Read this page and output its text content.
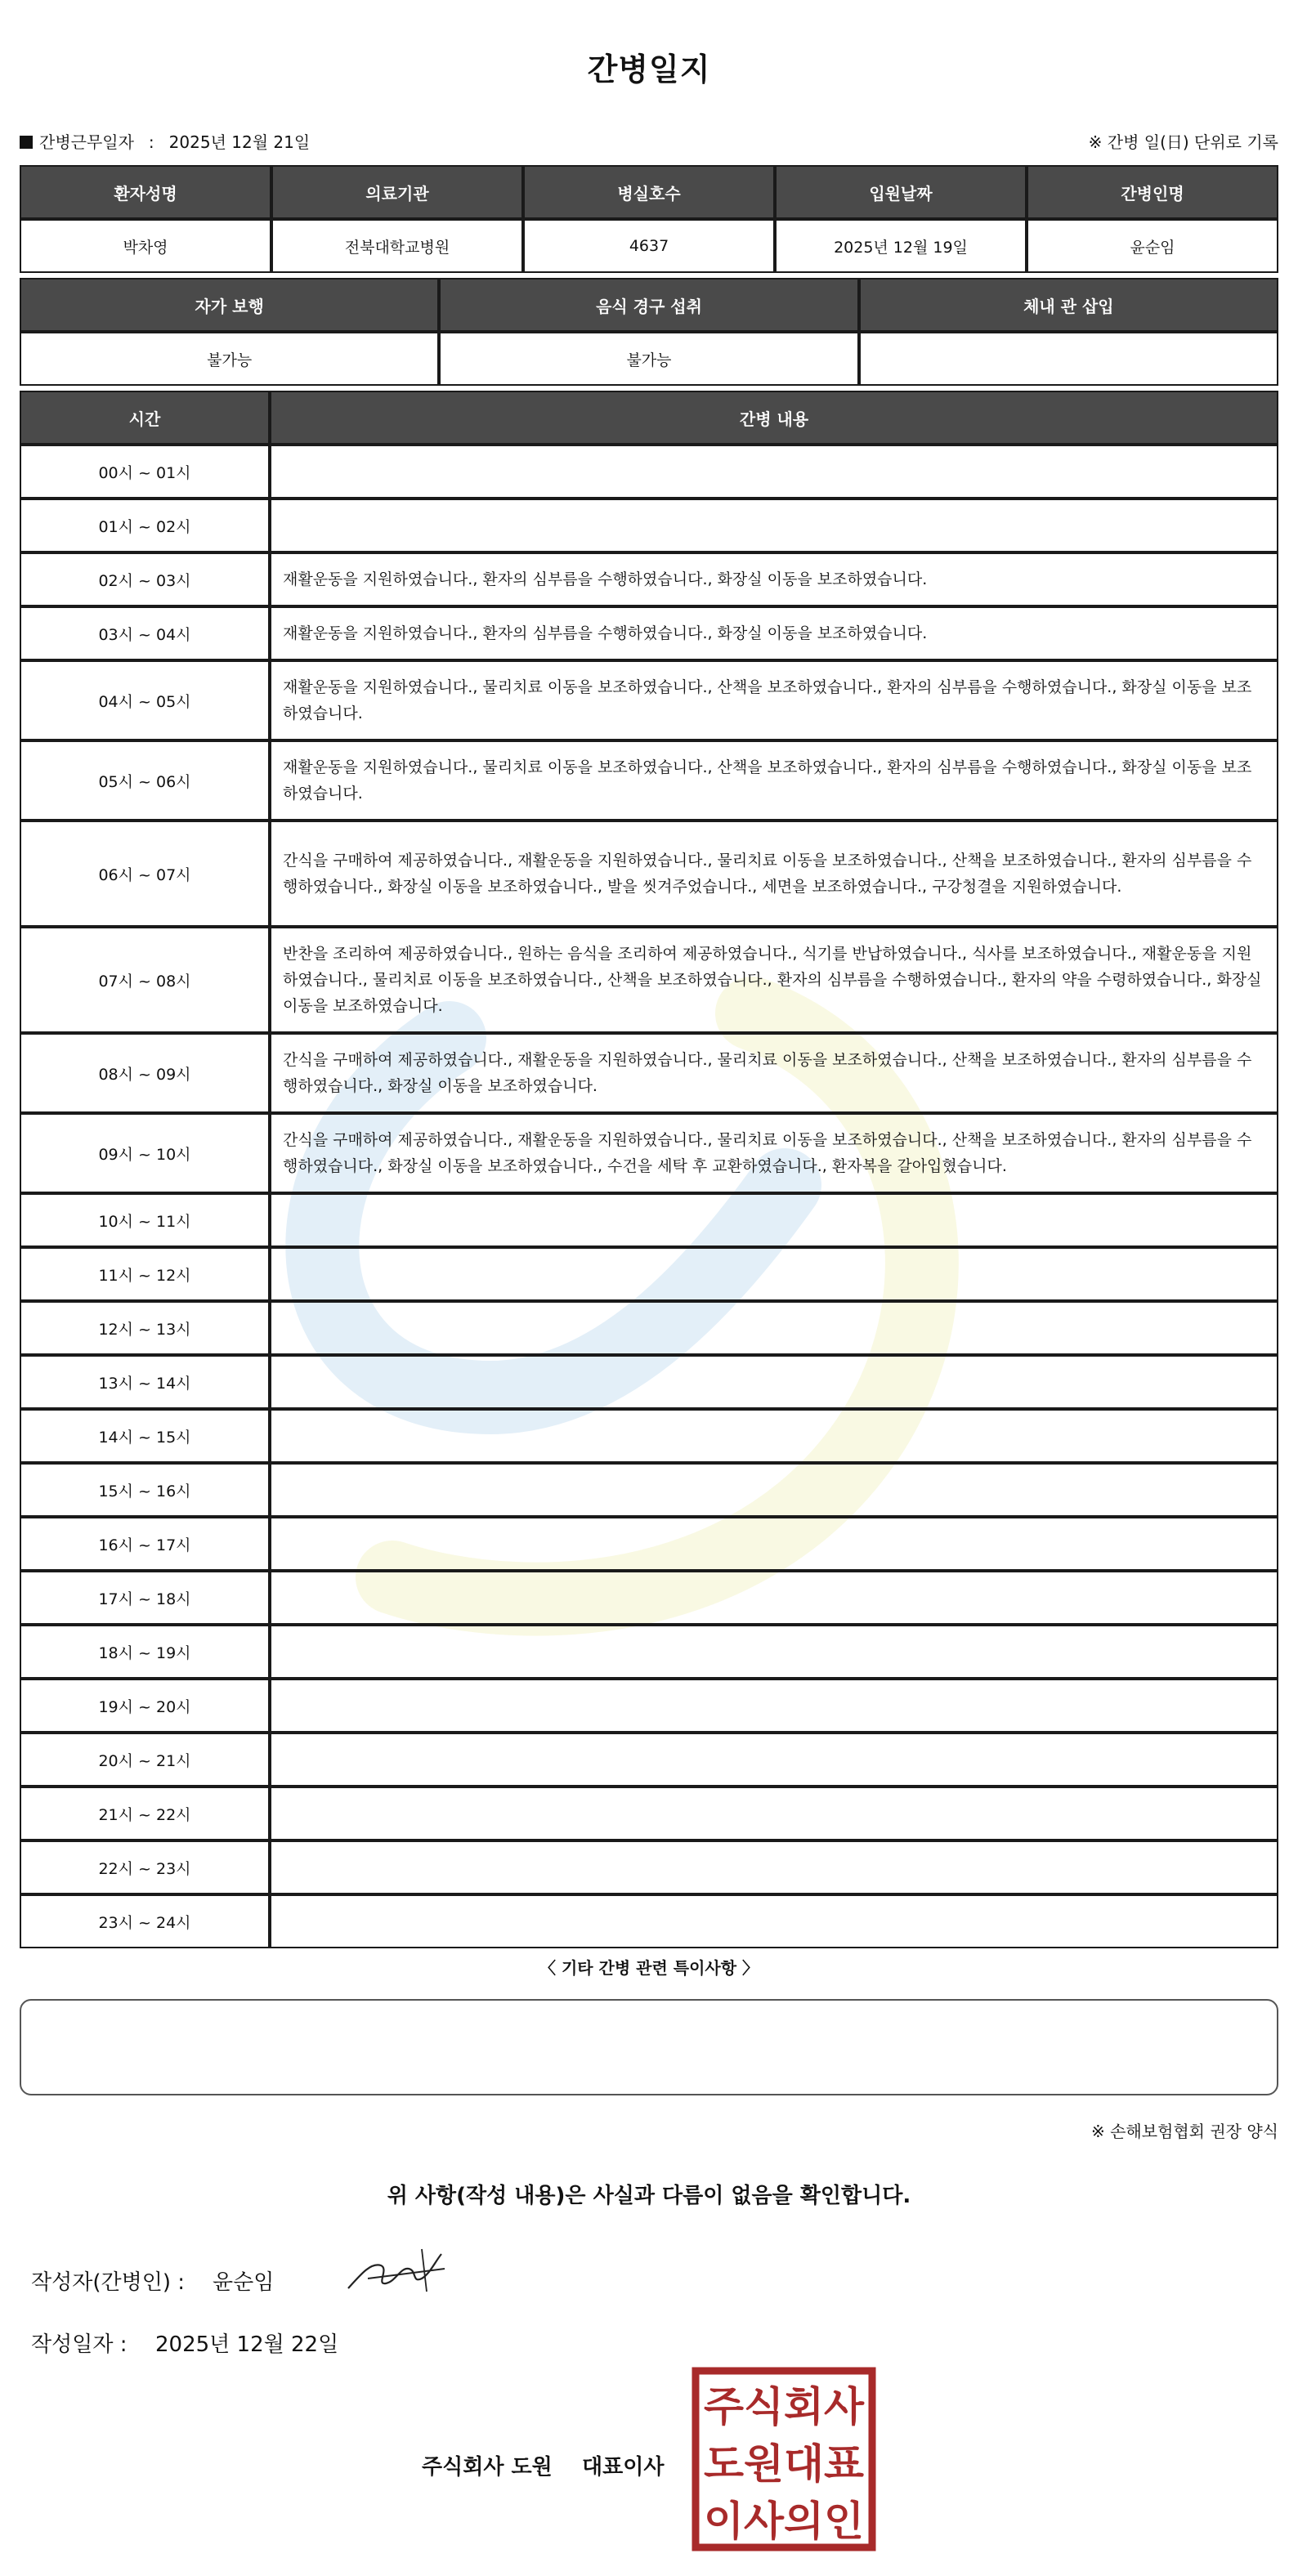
간병일지
간병근무일자 : 2025년 12월 21일	※ 간병 일(日) 단위로 기록
환자성명	의료기관	병실호수	입원날짜	간병인명
박차영	전북대학교병원	4637	2025년 12월 19일	윤순임
자가 보행	음식 경구 섭취	체내 관 삽입
불가능	불가능	
시간	간병 내용
00시 ~ 01시	
01시 ~ 02시	
02시 ~ 03시	재활운동을 지원하였습니다., 환자의 심부름을 수행하였습니다., 화장실 이동을 보조하였습니다.
03시 ~ 04시	재활운동을 지원하였습니다., 환자의 심부름을 수행하였습니다., 화장실 이동을 보조하였습니다.
04시 ~ 05시	재활운동을 지원하였습니다., 물리치료 이동을 보조하였습니다., 산책을 보조하였습니다., 환자의 심부름을 수행하였습니다., 화장실 이동을 보조하였습니다.
05시 ~ 06시	재활운동을 지원하였습니다., 물리치료 이동을 보조하였습니다., 산책을 보조하였습니다., 환자의 심부름을 수행하였습니다., 화장실 이동을 보조하였습니다.
06시 ~ 07시	간식을 구매하여 제공하였습니다., 재활운동을 지원하였습니다., 물리치료 이동을 보조하였습니다., 산책을 보조하였습니다., 환자의 심부름을 수행하였습니다., 화장실 이동을 보조하였습니다., 발을 씻겨주었습니다., 세면을 보조하였습니다., 구강청결을 지원하였습니다.
07시 ~ 08시	반찬을 조리하여 제공하였습니다., 원하는 음식을 조리하여 제공하였습니다., 식기를 반납하였습니다., 식사를 보조하였습니다., 재활운동을 지원하였습니다., 물리치료 이동을 보조하였습니다., 산책을 보조하였습니다., 환자의 심부름을 수행하였습니다., 환자의 약을 수령하였습니다., 화장실 이동을 보조하였습니다.
08시 ~ 09시	간식을 구매하여 제공하였습니다., 재활운동을 지원하였습니다., 물리치료 이동을 보조하였습니다., 산책을 보조하였습니다., 환자의 심부름을 수행하였습니다., 화장실 이동을 보조하였습니다.
09시 ~ 10시	간식을 구매하여 제공하였습니다., 재활운동을 지원하였습니다., 물리치료 이동을 보조하였습니다., 산책을 보조하였습니다., 환자의 심부름을 수행하였습니다., 화장실 이동을 보조하였습니다., 수건을 세탁 후 교환하였습니다., 환자복을 갈아입혔습니다.
10시 ~ 11시	
11시 ~ 12시	
12시 ~ 13시	
13시 ~ 14시	
14시 ~ 15시	
15시 ~ 16시	
16시 ~ 17시	
17시 ~ 18시	
18시 ~ 19시	
19시 ~ 20시	
20시 ~ 21시	
21시 ~ 22시	
22시 ~ 23시	
23시 ~ 24시	
〈 기타 간병 관련 특이사항 〉
※ 손해보험협회 권장 양식
위 사항(작성 내용)은 사실과 다름이 없음을 확인합니다.
작성자(간병인) : 윤순임
작성일자 : 2025년 12월 22일
주식회사 도원 대표이사
주식회사
도원대표
이사의인
